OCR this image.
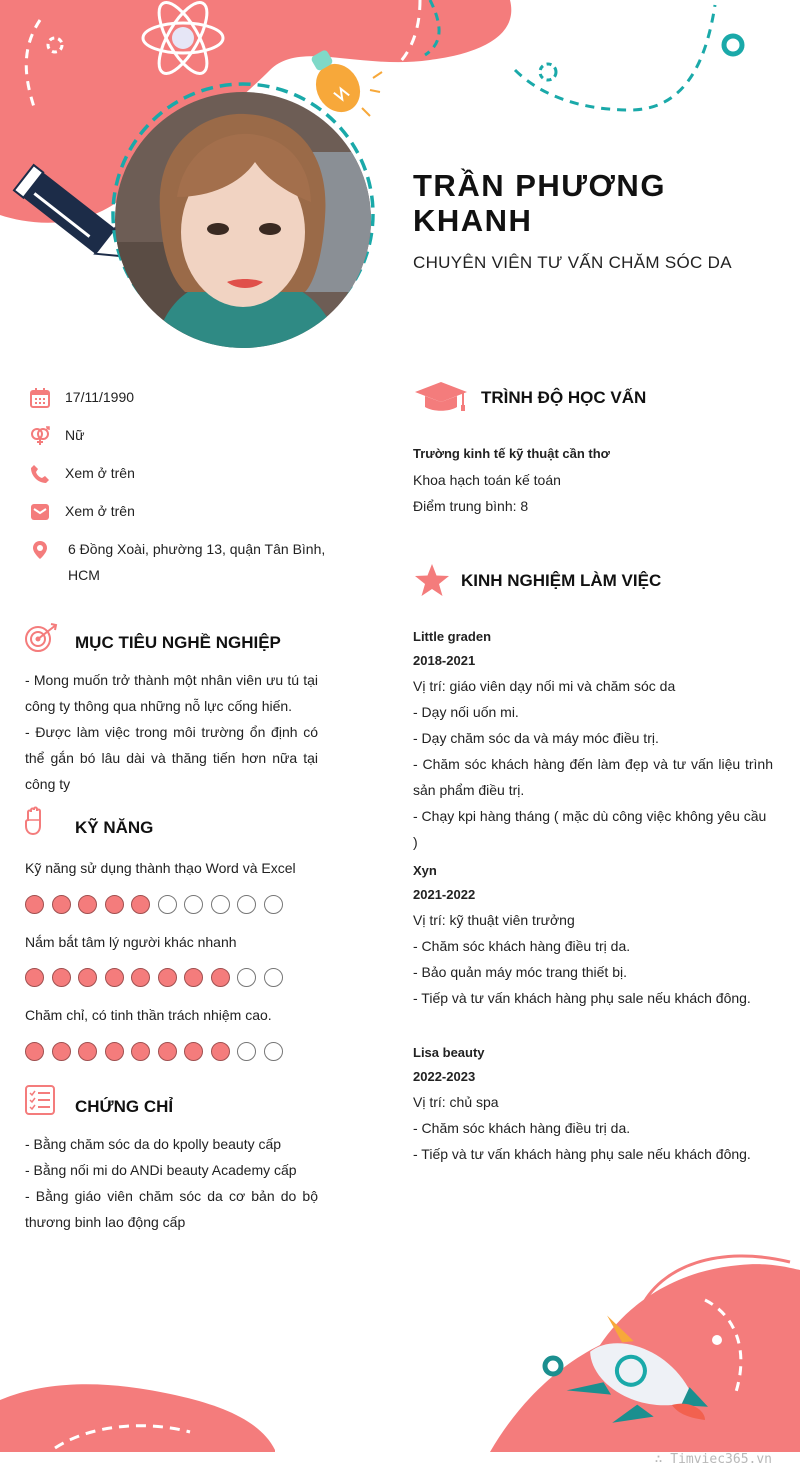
TRẦN PHƯƠNG KHANH
CHUYÊN VIÊN TƯ VẤN CHĂM SÓC DA
17/11/1990
Nữ
Xem ở trên
Xem ở trên
6 Đồng Xoài, phường 13, quận Tân Bình, HCM
MỤC TIÊU NGHỀ NGHIỆP
- Mong muốn trở thành một nhân viên ưu tú tại công ty thông qua những nỗ lực cống hiến.
- Được làm việc trong môi trường ổn định có thể gắn bó lâu dài và thăng tiến hơn nữa tại công ty
KỸ NĂNG
Kỹ năng sử dụng thành thạo Word và Excel
Nắm bắt tâm lý người khác nhanh
Chăm chỉ, có tinh thần trách nhiệm cao.
CHỨNG CHỈ
- Bằng chăm sóc da do kpolly beauty cấp
- Bằng nối mi do ANDi beauty Academy cấp
- Bằng giáo viên chăm sóc da cơ bản do bộ thương binh lao động cấp
TRÌNH ĐỘ HỌC VẤN
Trường kinh tế kỹ thuật cần thơ
Khoa hạch toán kế toán
Điểm trung bình: 8
KINH NGHIỆM LÀM VIỆC
Little graden
2018-2021
Vị trí: giáo viên dạy nối mi và chăm sóc da
- Dạy nối uốn mi.
- Dạy chăm sóc da và máy móc điều trị.
- Chăm sóc khách hàng đến làm đẹp và tư vấn liệu trình sản phẩm điều trị.
- Chạy kpi hàng tháng ( mặc dù công việc không yêu cầu )
Xyn
2021-2022
Vị trí: kỹ thuật viên trưởng
- Chăm sóc khách hàng điều trị da.
- Bảo quản máy móc trang thiết bị.
- Tiếp và tư vấn khách hàng phụ sale nếu khách đông.
Lisa beauty
2022-2023
Vị trí: chủ spa
- Chăm sóc khách hàng điều trị da.
- Tiếp và tư vấn khách hàng phụ sale nếu khách đông.
∴ Timviec365.vn
